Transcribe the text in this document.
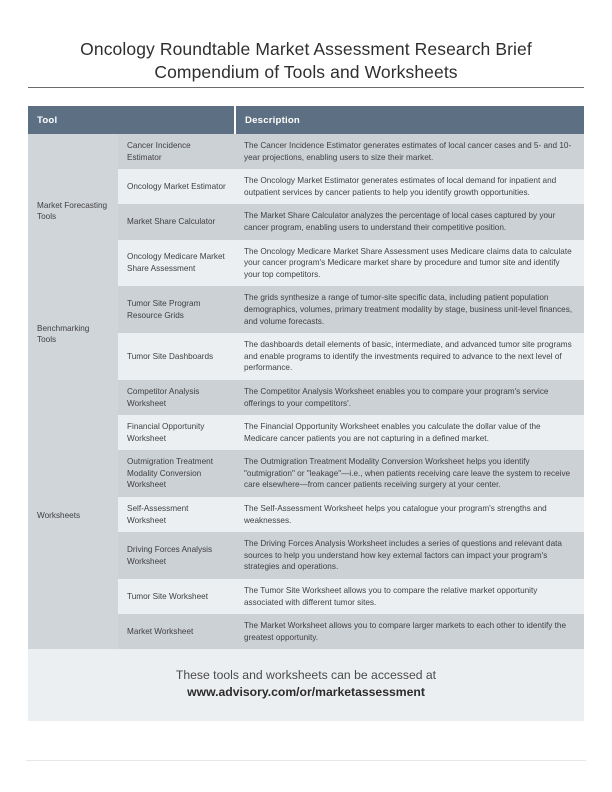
Oncology Roundtable Market Assessment Research Brief
Compendium of Tools and Worksheets
Tool		Description
Market Forecasting Tools	Cancer Incidence Estimator	The Cancer Incidence Estimator generates estimates of local cancer cases and 5- and 10-year projections, enabling users to size their market.
	Oncology Market Estimator	The Oncology Market Estimator generates estimates of local demand for inpatient and outpatient services by cancer patients to help you identify growth opportunities.
	Market Share Calculator	The Market Share Calculator analyzes the percentage of local cases captured by your cancer program, enabling users to understand their competitive position.
	Oncology Medicare Market Share Assessment	The Oncology Medicare Market Share Assessment uses Medicare claims data to calculate your cancer program's Medicare market share by procedure and tumor site and identify your top competitors.
Benchmarking Tools	Tumor Site Program Resource Grids	The grids synthesize a range of tumor-site specific data, including patient population demographics, volumes, primary treatment modality by stage, business unit-level finances, and volume forecasts.
	Tumor Site Dashboards	The dashboards detail elements of basic, intermediate, and advanced tumor site programs and enable programs to identify the investments required to advance to the next level of performance.
Worksheets	Competitor Analysis Worksheet	The Competitor Analysis Worksheet enables you to compare your program's service offerings to your competitors'.
	Financial Opportunity Worksheet	The Financial Opportunity Worksheet enables you calculate the dollar value of the Medicare cancer patients you are not capturing in a defined market.
	Outmigration Treatment Modality Conversion Worksheet	The Outmigration Treatment Modality Conversion Worksheet helps you identify "outmigration" or "leakage"—i.e., when patients receiving care leave the system to receive care elsewhere—from cancer patients receiving surgery at your center.
	Self-Assessment Worksheet	The Self-Assessment Worksheet helps you catalogue your program's strengths and weaknesses.
	Driving Forces Analysis Worksheet	The Driving Forces Analysis Worksheet includes a series of questions and relevant data sources to help you understand how key external factors can impact your program's strategies and operations.
	Tumor Site Worksheet	The Tumor Site Worksheet allows you to compare the relative market opportunity associated with different tumor sites.
	Market Worksheet	The Market Worksheet allows you to compare larger markets to each other to identify the greatest opportunity.
These tools and worksheets can be accessed at
www.advisory.com/or/marketassessment
